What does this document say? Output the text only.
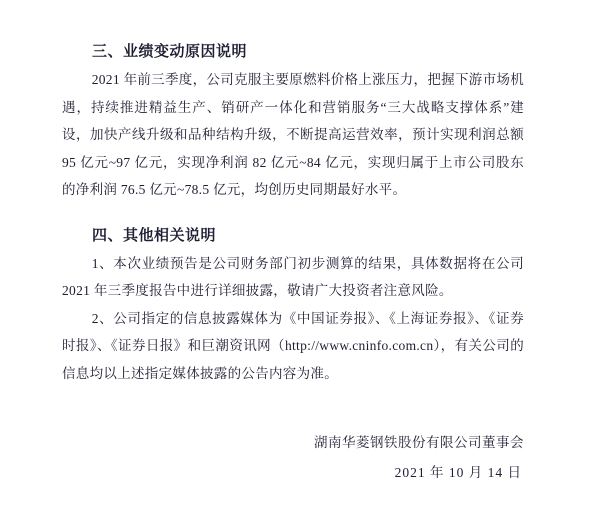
三、业绩变动原因说明

2021 年前三季度，公司克服主要原燃料价格上涨压力，把握下游市场机遇，持续推进精益生产、销研产一体化和营销服务“三大战略支撑体系”建设，加快产线升级和品种结构升级，不断提高运营效率，预计实现利润总额 95 亿元~97 亿元，实现净利润 82 亿元~84 亿元，实现归属于上市公司股东的净利润 76.5 亿元~78.5 亿元，均创历史同期最好水平。

四、其他相关说明

1、本次业绩预告是公司财务部门初步测算的结果，具体数据将在公司 2021 年三季度报告中进行详细披露，敬请广大投资者注意风险。

2、公司指定的信息披露媒体为《中国证券报》、《上海证券报》、《证券时报》、《证券日报》和巨潮资讯网（http://www.cninfo.com.cn），有关公司的信息均以上述指定媒体披露的公告内容为准。

湖南华菱钢铁股份有限公司董事会
2021 年 10 月 14 日
